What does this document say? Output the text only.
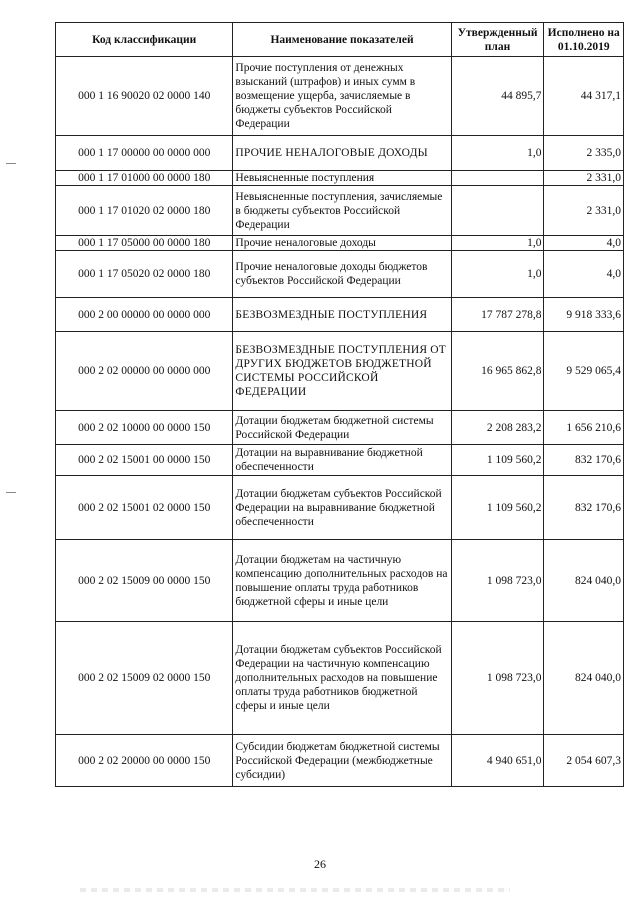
Код классификации	Наименование показателей	Утвержденный план	Исполнено на 01.10.2019
000 1 16 90020 02 0000 140	Прочие поступления от денежных взысканий (штрафов) и иных сумм в возмещение ущерба, зачисляемые в бюджеты субъектов Российской Федерации	44 895,7	44 317,1
000 1 17 00000 00 0000 000	ПРОЧИЕ НЕНАЛОГОВЫЕ ДОХОДЫ	1,0	2 335,0
000 1 17 01000 00 0000 180	Невыясненные поступления		2 331,0
000 1 17 01020 02 0000 180	Невыясненные поступления, зачисляемые в бюджеты субъектов Российской Федерации		2 331,0
000 1 17 05000 00 0000 180	Прочие неналоговые доходы	1,0	4,0
000 1 17 05020 02 0000 180	Прочие неналоговые доходы бюджетов субъектов Российской Федерации	1,0	4,0
000 2 00 00000 00 0000 000	БЕЗВОЗМЕЗДНЫЕ ПОСТУПЛЕНИЯ	17 787 278,8	9 918 333,6
000 2 02 00000 00 0000 000	БЕЗВОЗМЕЗДНЫЕ ПОСТУПЛЕНИЯ ОТ ДРУГИХ БЮДЖЕТОВ БЮДЖЕТНОЙ СИСТЕМЫ РОССИЙСКОЙ ФЕДЕРАЦИИ	16 965 862,8	9 529 065,4
000 2 02 10000 00 0000 150	Дотации бюджетам бюджетной системы Российской Федерации	2 208 283,2	1 656 210,6
000 2 02 15001 00 0000 150	Дотации на выравнивание бюджетной обеспеченности	1 109 560,2	832 170,6
000 2 02 15001 02 0000 150	Дотации бюджетам субъектов Российской Федерации на выравнивание бюджетной обеспеченности	1 109 560,2	832 170,6
000 2 02 15009 00 0000 150	Дотации бюджетам на частичную компенсацию дополнительных расходов на повышение оплаты труда работников бюджетной сферы и иные цели	1 098 723,0	824 040,0
000 2 02 15009 02 0000 150	Дотации бюджетам субъектов Российской Федерации на частичную компенсацию дополнительных расходов на повышение оплаты труда работников бюджетной сферы и иные цели	1 098 723,0	824 040,0
000 2 02 20000 00 0000 150	Субсидии бюджетам бюджетной системы Российской Федерации (межбюджетные субсидии)	4 940 651,0	2 054 607,3
26
